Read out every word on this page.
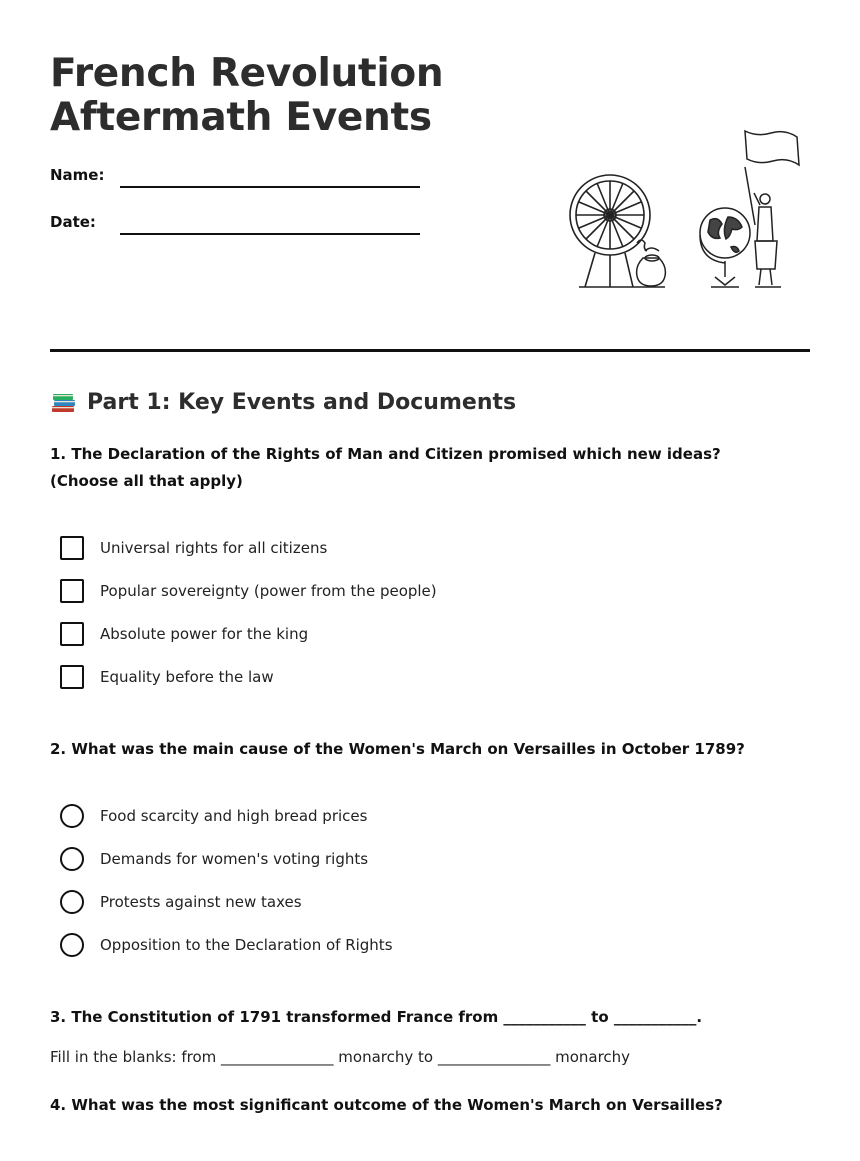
French Revolution
Aftermath Events
Name:
Date:
Part 1: Key Events and Documents
1. The Declaration of the Rights of Man and Citizen promised which new ideas? (Choose all that apply)
Universal rights for all citizens
Popular sovereignty (power from the people)
Absolute power for the king
Equality before the law
2. What was the main cause of the Women's March on Versailles in October 1789?
Food scarcity and high bread prices
Demands for women's voting rights
Protests against new taxes
Opposition to the Declaration of Rights
3. The Constitution of 1791 transformed France from ___________ to ___________.
Fill in the blanks: from _______________ monarchy to _______________ monarchy
4. What was the most significant outcome of the Women's March on Versailles?
